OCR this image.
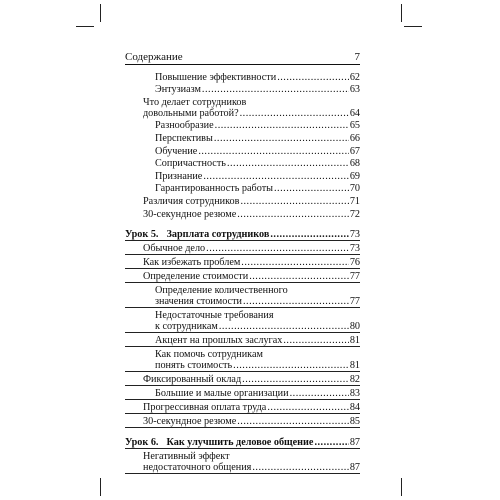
Содержание	7
Повышение эффективности .....	62
Энтузиазм .....	63
Что делает сотрудников
довольными работой? .....	64
Разнообразие .....	65
Перспективы .....	66
Обучение .....	67
Сопричастность .....	68
Признание .....	69
Гарантированность работы .....	70
Различия сотрудников .....	71
30-секундное резюме .....	72
Урок 5. Зарплата сотрудников .....	73
Обычное дело .....	73
Как избежать проблем .....	76
Определение стоимости .....	77
Определение количественного
значения стоимости .....	77
Недостаточные требования
к сотрудникам .....	80
Акцент на прошлых заслугах .....	81
Как помочь сотрудникам
понять стоимость .....	81
Фиксированный оклад .....	82
Большие и малые организации .....	83
Прогрессивная оплата труда .....	84
30-секундное резюме .....	85
Урок 6. Как улучшить деловое общение .....	87
Негативный эффект
недостаточного общения .....	87
